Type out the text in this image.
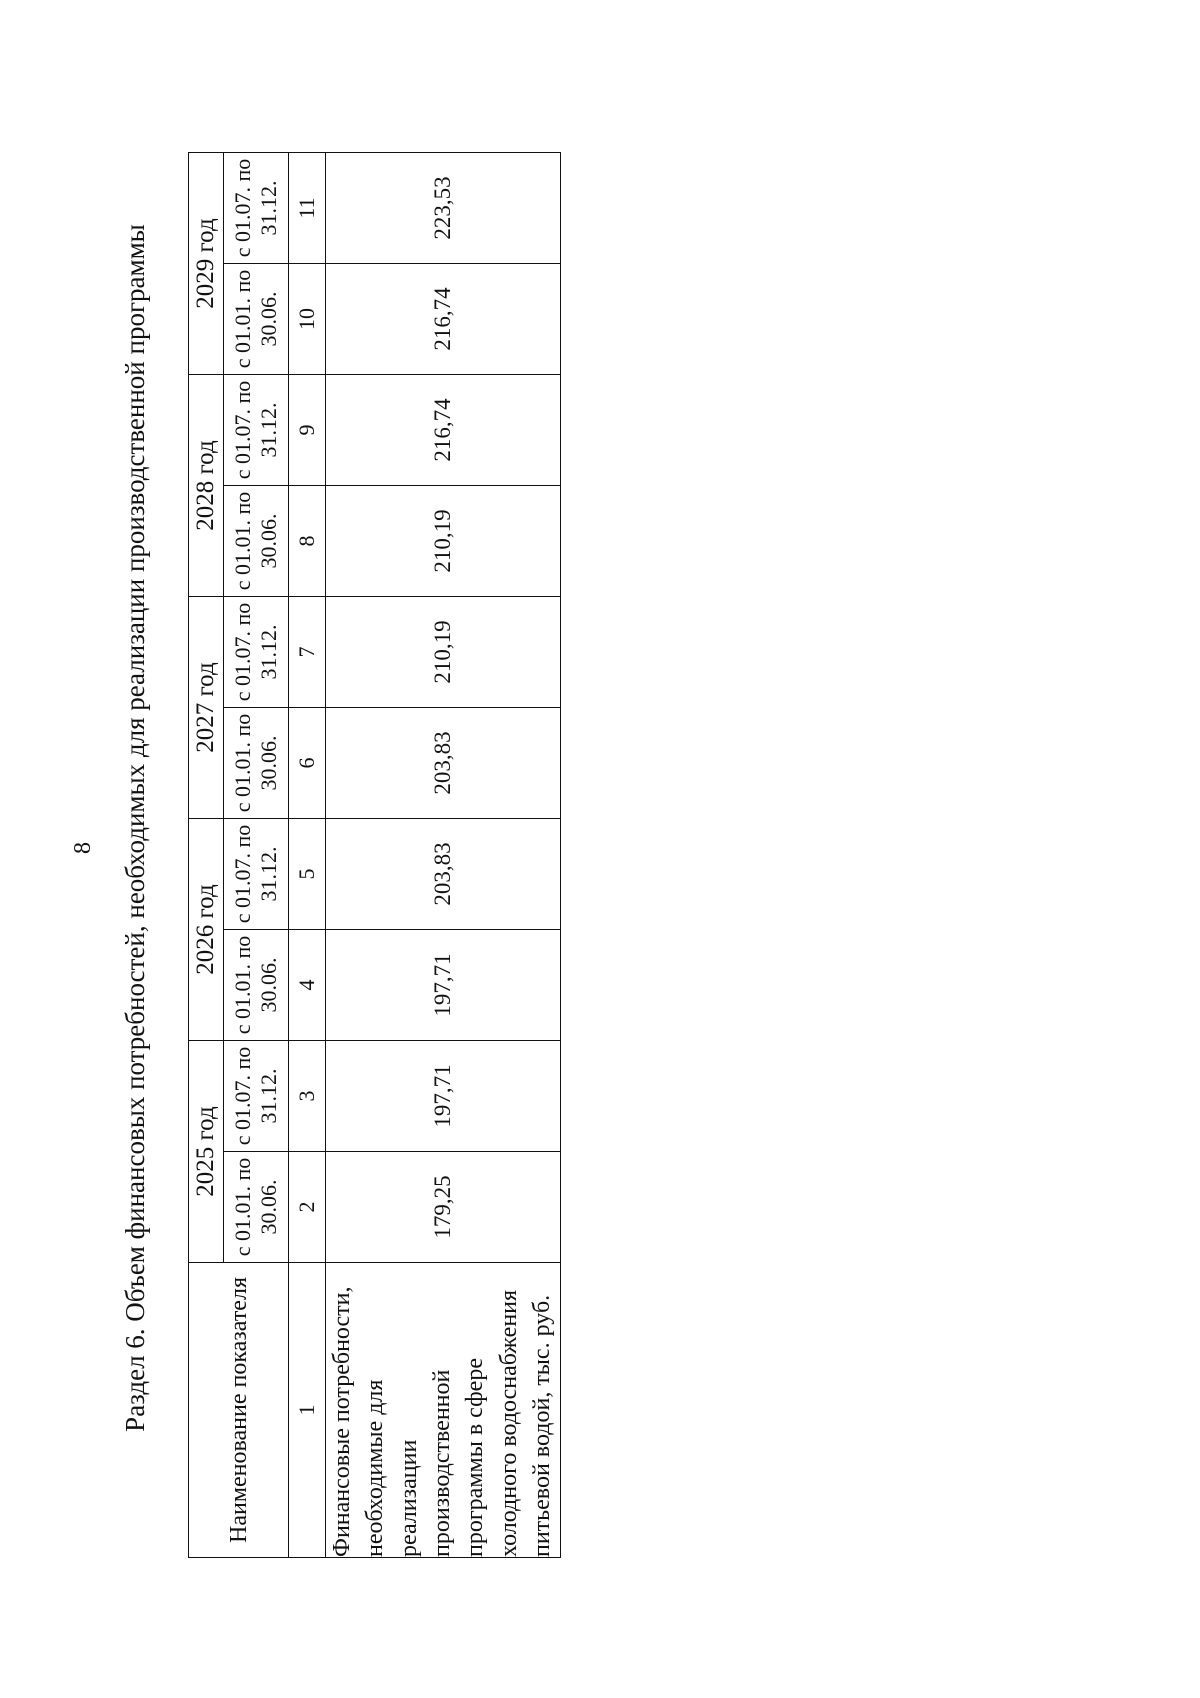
8 Раздел 6. Объем финансовых потребностей, необходимых для реализации производственной программы	Наименование показателя	2025 год		2026 год		2027 год		2028 год		2029 год	
	с 01.01. по 30.06.	с 01.07. по 31.12.	с 01.01. по 30.06.	с 01.07. по 31.12.	с 01.01. по 30.06.	с 01.07. по 31.12.	с 01.01. по 30.06.	с 01.07. по 31.12.	с 01.01. по 30.06.	с 01.07. по 31.12.
1	2	3	4	5	6	7	8	9	10	11
Финансовые потребности, необходимые для реализации производственной программы в сфере холодного водоснабжения питьевой водой, тыс. руб.	179,25	197,71	197,71	203,83	203,83	210,19	210,19	216,74	216,74	223,53
